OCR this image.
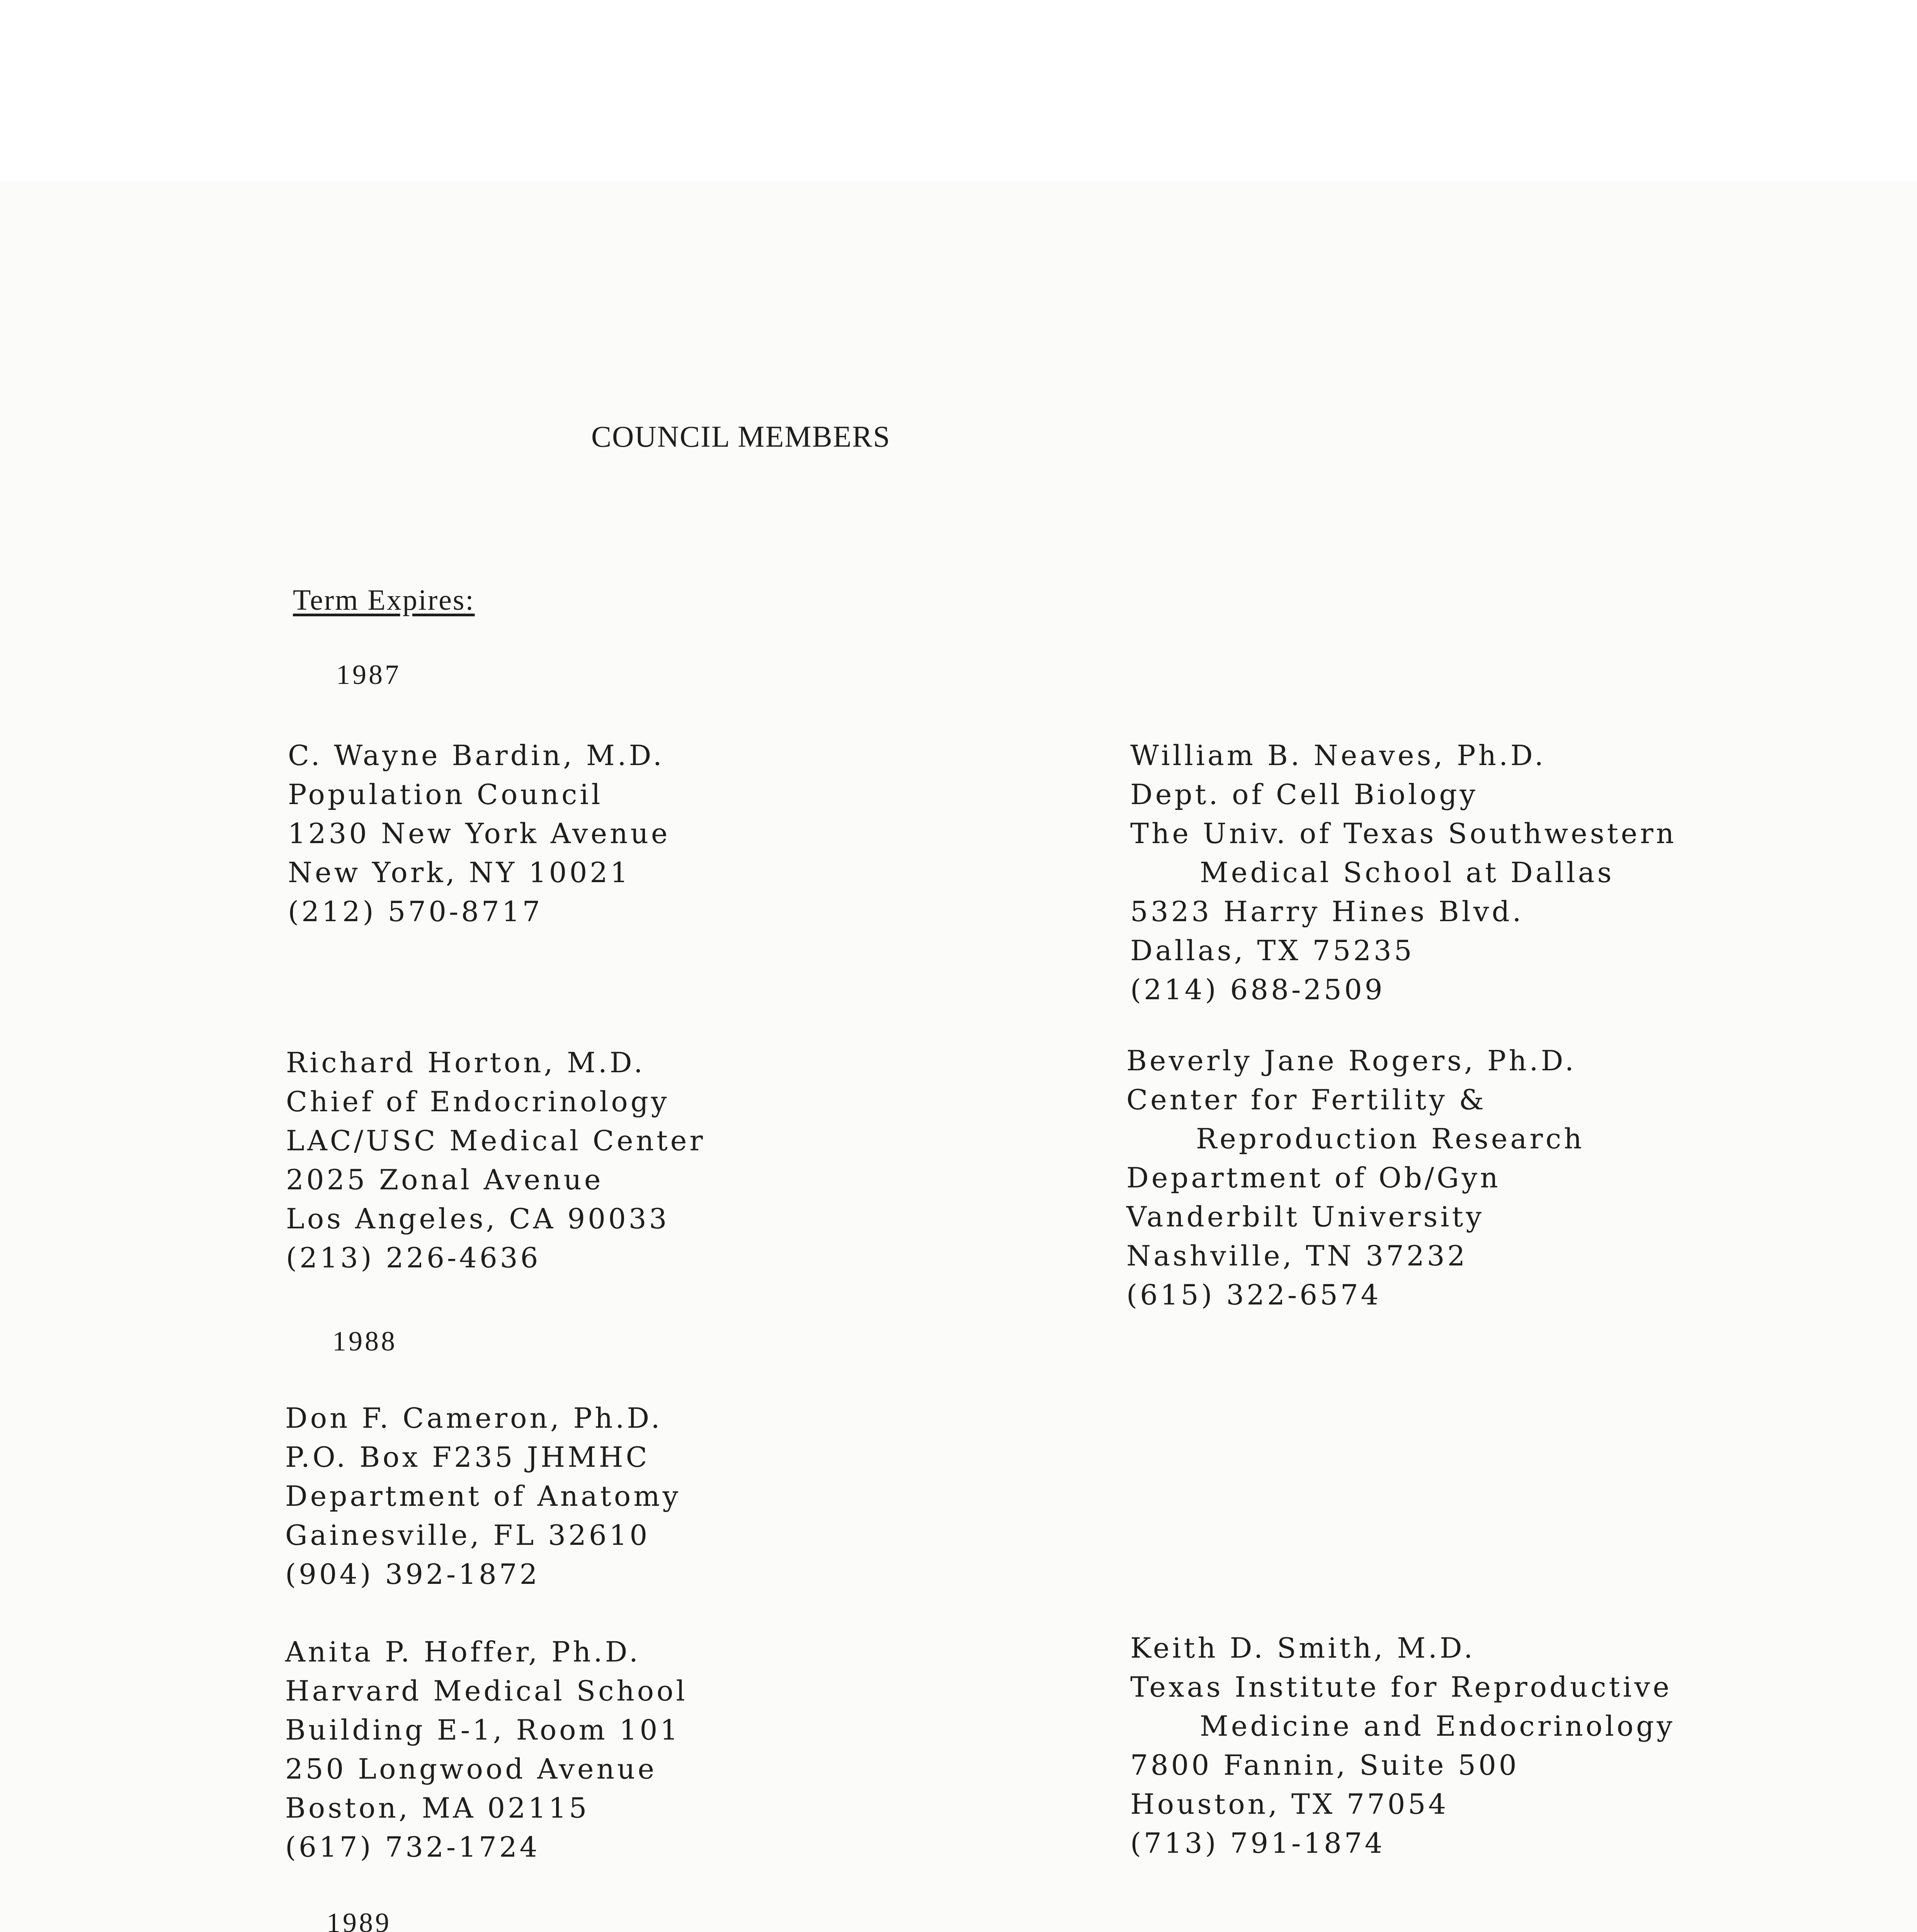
COUNCIL MEMBERS
Term Expires:
1987
1988
1989
C. Wayne Bardin, M.D.
Population Council
1230 New York Avenue
New York, NY 10021
(212) 570-8717
Richard Horton, M.D.
Chief of Endocrinology
LAC/USC Medical Center
2025 Zonal Avenue
Los Angeles, CA 90033
(213) 226-4636
Don F. Cameron, Ph.D.
P.O. Box F235 JHMHC
Department of Anatomy
Gainesville, FL 32610
(904) 392-1872
Anita P. Hoffer, Ph.D.
Harvard Medical School
Building E-1, Room 101
250 Longwood Avenue
Boston, MA 02115
(617) 732-1724
William B. Neaves, Ph.D.
Dept. of Cell Biology
The Univ. of Texas Southwestern
Medical School at Dallas
5323 Harry Hines Blvd.
Dallas, TX 75235
(214) 688-2509
Beverly Jane Rogers, Ph.D.
Center for Fertility &
Reproduction Research
Department of Ob/Gyn
Vanderbilt University
Nashville, TN 37232
(615) 322-6574
Keith D. Smith, M.D.
Texas Institute for Reproductive
Medicine and Endocrinology
7800 Fannin, Suite 500
Houston, TX 77054
(713) 791-1874
